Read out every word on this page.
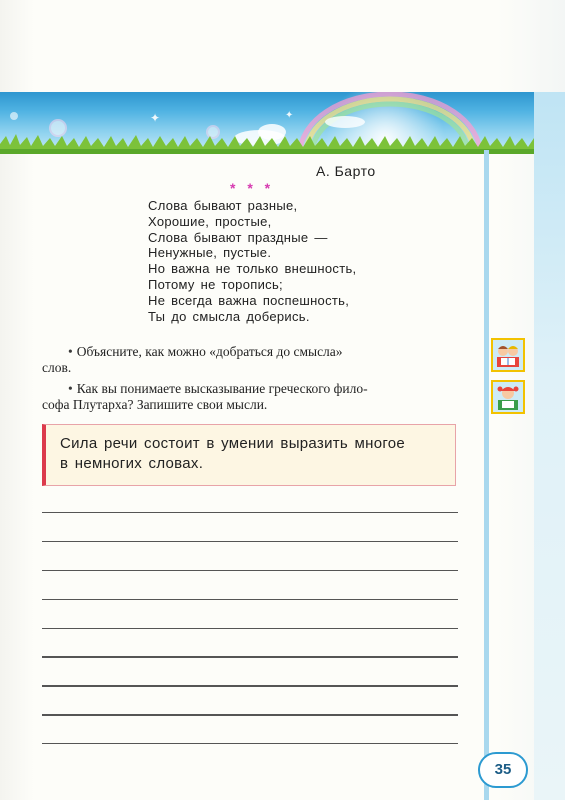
✦	✦
А. Барто
* * *
Слова бывают разные,
Хорошие, простые,
Слова бывают праздные —
Ненужные, пустые.
Но важна не только внешность,
Потому не торопись;
Не всегда важна поспешность,
Ты до смысла доберись.
• Объясните, как можно «добраться до смысла»
слов.
• Как вы понимаете высказывание греческого фило-
софа Плутарха? Запишите свои мысли.
Сила речи состоит в умении выразить многое
в немногих словах.
35
